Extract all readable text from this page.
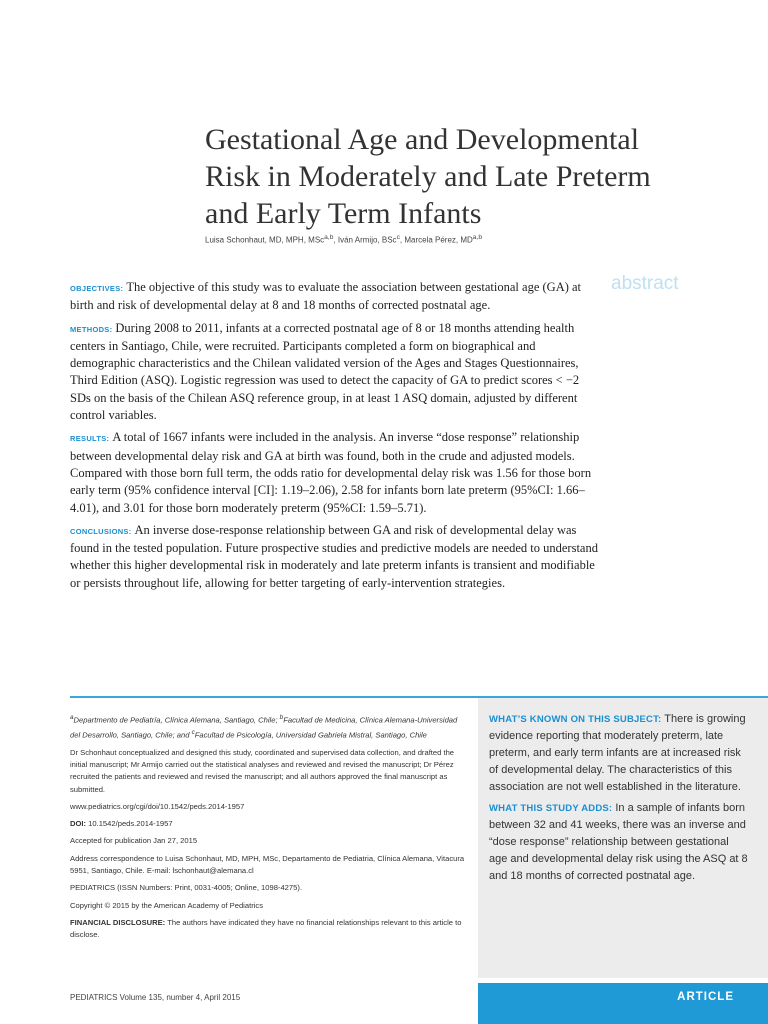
Gestational Age and Developmental
Risk in Moderately and Late Preterm
and Early Term Infants
Luisa Schonhaut, MD, MPH, MSc$^{a,b}$, Iván Armijo, BSc$^c$, Marcela Pérez, MD$^{a,b}$
abstract

OBJECTIVES: The objective of this study was to evaluate the association between gestational age (GA) at birth and risk of developmental delay at 8 and 18 months of corrected postnatal age.

METHODS: During 2008 to 2011, infants at a corrected postnatal age of 8 or 18 months attending health centers in Santiago, Chile, were recruited. Participants completed a form on biographical and demographic characteristics and the Chilean validated version of the Ages and Stages Questionnaires, Third Edition (ASQ). Logistic regression was used to detect the capacity of GA to predict scores < −2 SDs on the basis of the Chilean ASQ reference group, in at least 1 ASQ domain, adjusted by different control variables.

RESULTS: A total of 1667 infants were included in the analysis. An inverse “dose response” relationship between developmental delay risk and GA at birth was found, both in the crude and adjusted models. Compared with those born full term, the odds ratio for developmental delay risk was 1.56 for those born early term (95% confidence interval [CI]: 1.19–2.06), 2.58 for infants born late preterm (95%CI: 1.66–4.01), and 3.01 for those born moderately preterm (95%CI: 1.59–5.71).

CONCLUSIONS: An inverse dose-response relationship between GA and risk of developmental delay was found in the tested population. Future prospective studies and predictive models are needed to understand whether this higher developmental risk in moderately and late preterm infants is transient and modifiable or persists throughout life, allowing for better targeting of early-intervention strategies.

$^a$Departmento de Pediatría, Clínica Alemana, Santiago, Chile; $^b$Facultad de Medicina, Clínica Alemana-Universidad del Desarrollo, Santiago, Chile; and $^c$Facultad de Psicología, Universidad Gabriela Mistral, Santiago, Chile

Dr Schonhaut conceptualized and designed this study, coordinated and supervised data collection, and drafted the initial manuscript; Mr Armijo carried out the statistical analyses and reviewed and revised the manuscript; Dr Pérez recruited the patients and reviewed and revised the manuscript; and all authors approved the final manuscript as submitted.

www.pediatrics.org/cgi/doi/10.1542/peds.2014-1957

DOI: 10.1542/peds.2014-1957

Accepted for publication Jan 27, 2015

Address correspondence to Luisa Schonhaut, MD, MPH, MSc, Departamento de Pediatria, Clínica Alemana, Vitacura 5951, Santiago, Chile. E-mail: lschonhaut@alemana.cl

PEDIATRICS (ISSN Numbers: Print, 0031-4005; Online, 1098-4275).

Copyright © 2015 by the American Academy of Pediatrics

FINANCIAL DISCLOSURE: The authors have indicated they have no financial relationships relevant to this article to disclose.

WHAT’S KNOWN ON THIS SUBJECT: There is growing evidence reporting that moderately preterm, late preterm, and early term infants are at increased risk of developmental delay. The characteristics of this association are not well established in the literature.

WHAT THIS STUDY ADDS: In a sample of infants born between 32 and 41 weeks, there was an inverse and “dose response” relationship between gestational age and developmental delay risk using the ASQ at 8 and 18 months of corrected postnatal age.

PEDIATRICS Volume 135, number 4, April 2015	ARTICLE
